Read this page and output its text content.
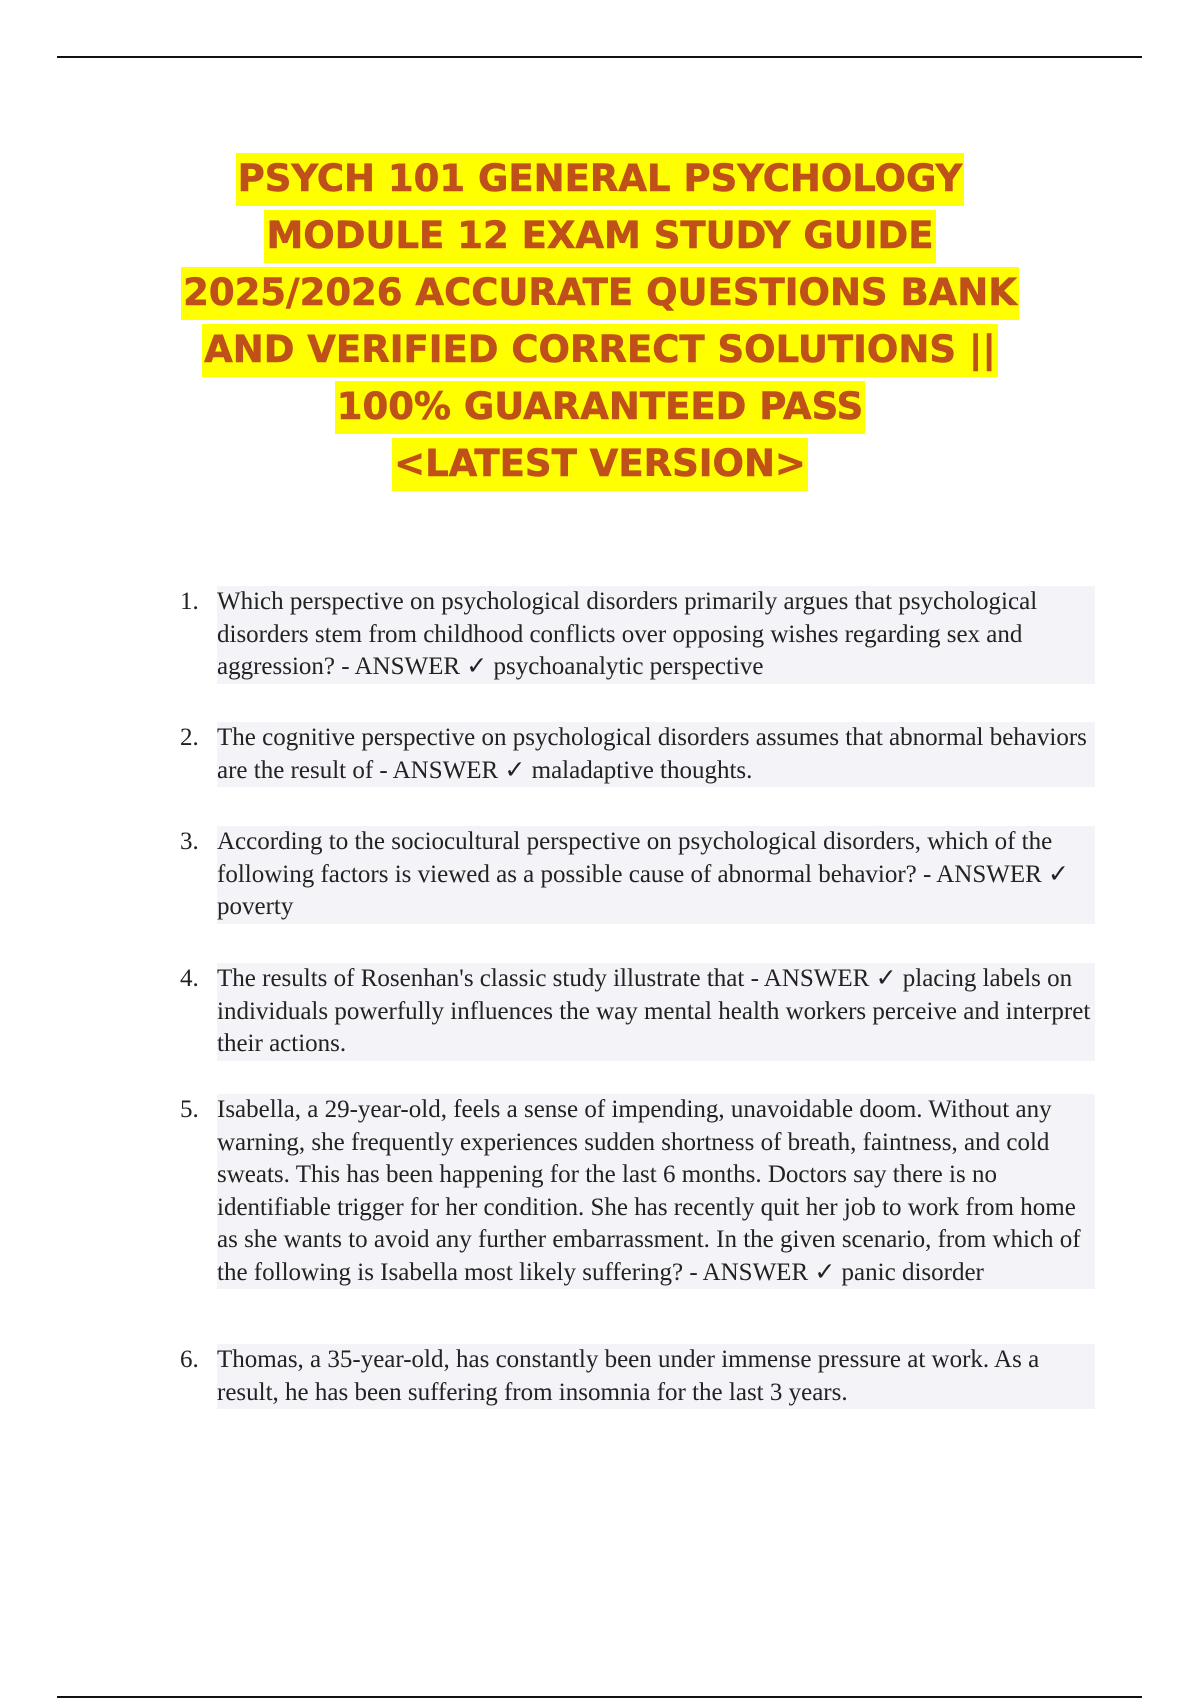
PSYCH 101 GENERAL PSYCHOLOGY
MODULE 12 EXAM STUDY GUIDE
2025/2026 ACCURATE QUESTIONS BANK
AND VERIFIED CORRECT SOLUTIONS ||
100% GUARANTEED PASS
<LATEST VERSION>
1. Which perspective on psychological disorders primarily argues that psychological disorders stem from childhood conflicts over opposing wishes regarding sex and aggression? - ANSWER ✓ psychoanalytic perspective
2. The cognitive perspective on psychological disorders assumes that abnormal behaviors are the result of - ANSWER ✓ maladaptive thoughts.
3. According to the sociocultural perspective on psychological disorders, which of the following factors is viewed as a possible cause of abnormal behavior? - ANSWER ✓ poverty
4. The results of Rosenhan's classic study illustrate that - ANSWER ✓ placing labels on individuals powerfully influences the way mental health workers perceive and interpret their actions.
5. Isabella, a 29-year-old, feels a sense of impending, unavoidable doom. Without any warning, she frequently experiences sudden shortness of breath, faintness, and cold sweats. This has been happening for the last 6 months. Doctors say there is no identifiable trigger for her condition. She has recently quit her job to work from home as she wants to avoid any further embarrassment. In the given scenario, from which of the following is Isabella most likely suffering? - ANSWER ✓ panic disorder
6. Thomas, a 35-year-old, has constantly been under immense pressure at work. As a result, he has been suffering from insomnia for the last 3 years.
